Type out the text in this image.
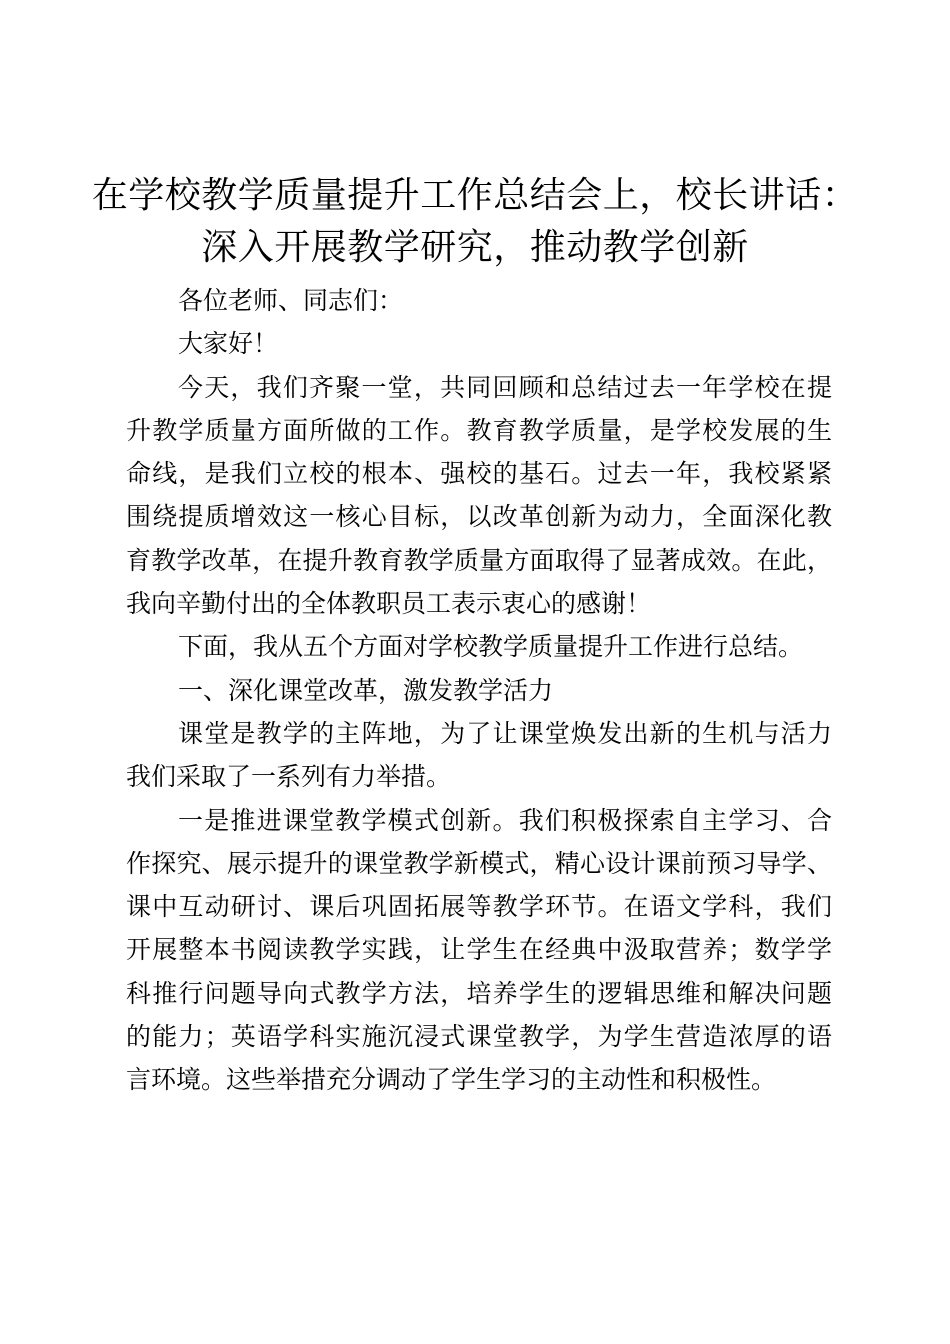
在学校教学质量提升工作总结会上，校长讲话：
深入开展教学研究，推动教学创新
各位老师、同志们：
大家好！
今天，我们齐聚一堂，共同回顾和总结过去一年学校在提
升教学质量方面所做的工作。教育教学质量，是学校发展的生
命线，是我们立校的根本、强校的基石。过去一年，我校紧紧
围绕提质增效这一核心目标，以改革创新为动力，全面深化教
育教学改革，在提升教育教学质量方面取得了显著成效。在此，
我向辛勤付出的全体教职员工表示衷心的感谢！
下面，我从五个方面对学校教学质量提升工作进行总结。
一、深化课堂改革，激发教学活力
课堂是教学的主阵地，为了让课堂焕发出新的生机与活力
我们采取了一系列有力举措。
一是推进课堂教学模式创新。我们积极探索自主学习、合
作探究、展示提升的课堂教学新模式，精心设计课前预习导学、
课中互动研讨、课后巩固拓展等教学环节。在语文学科，我们
开展整本书阅读教学实践，让学生在经典中汲取营养；数学学
科推行问题导向式教学方法，培养学生的逻辑思维和解决问题
的能力；英语学科实施沉浸式课堂教学，为学生营造浓厚的语
言环境。这些举措充分调动了学生学习的主动性和积极性。
